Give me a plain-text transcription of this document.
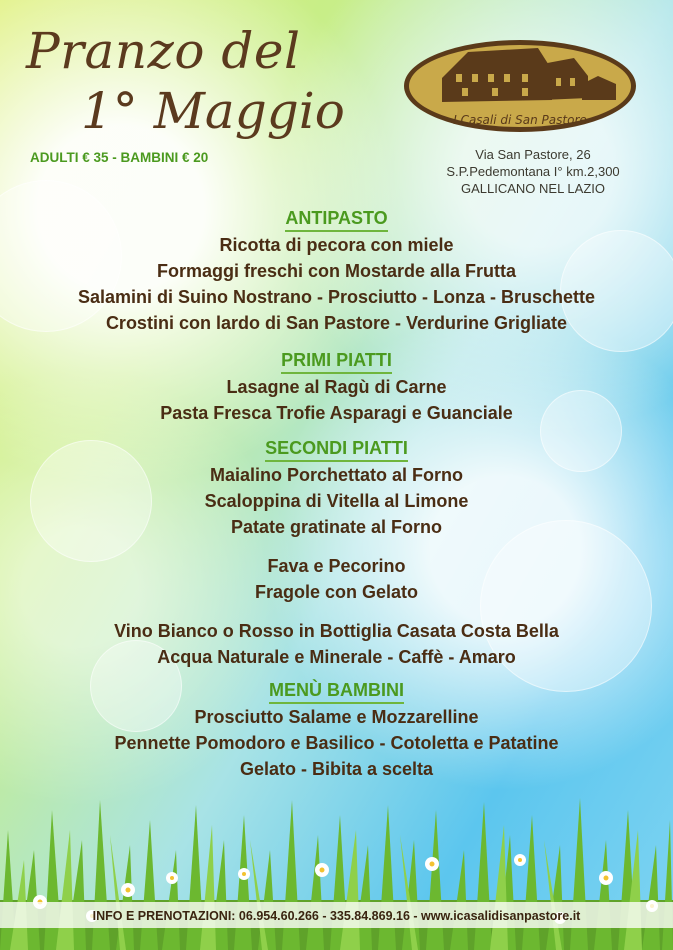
Pranzo del
1° Maggio
ADULTI € 35 - BAMBINI € 20
I Casali di San Pastore
Via San Pastore, 26
S.P.Pedemontana I° km.2,300
GALLICANO NEL LAZIO
ANTIPASTO
Ricotta di pecora con miele
Formaggi freschi con Mostarde alla Frutta
Salamini di Suino Nostrano - Prosciutto - Lonza - Bruschette
Crostini con lardo di San Pastore - Verdurine Grigliate
PRIMI PIATTI
Lasagne al Ragù di Carne
Pasta Fresca Trofie Asparagi e Guanciale
SECONDI PIATTI
Maialino Porchettato al Forno
Scaloppina di Vitella al Limone
Patate gratinate al Forno
Fava e Pecorino
Fragole con Gelato
Vino Bianco o Rosso in Bottiglia Casata Costa Bella
Acqua Naturale e Minerale - Caffè - Amaro
MENÙ BAMBINI
Prosciutto Salame e Mozzarelline
Pennette Pomodoro e Basilico - Cotoletta e Patatine
Gelato - Bibita a scelta
INFO E PRENOTAZIONI: 06.954.60.266 - 335.84.869.16 - www.icasalidisanpastore.it
